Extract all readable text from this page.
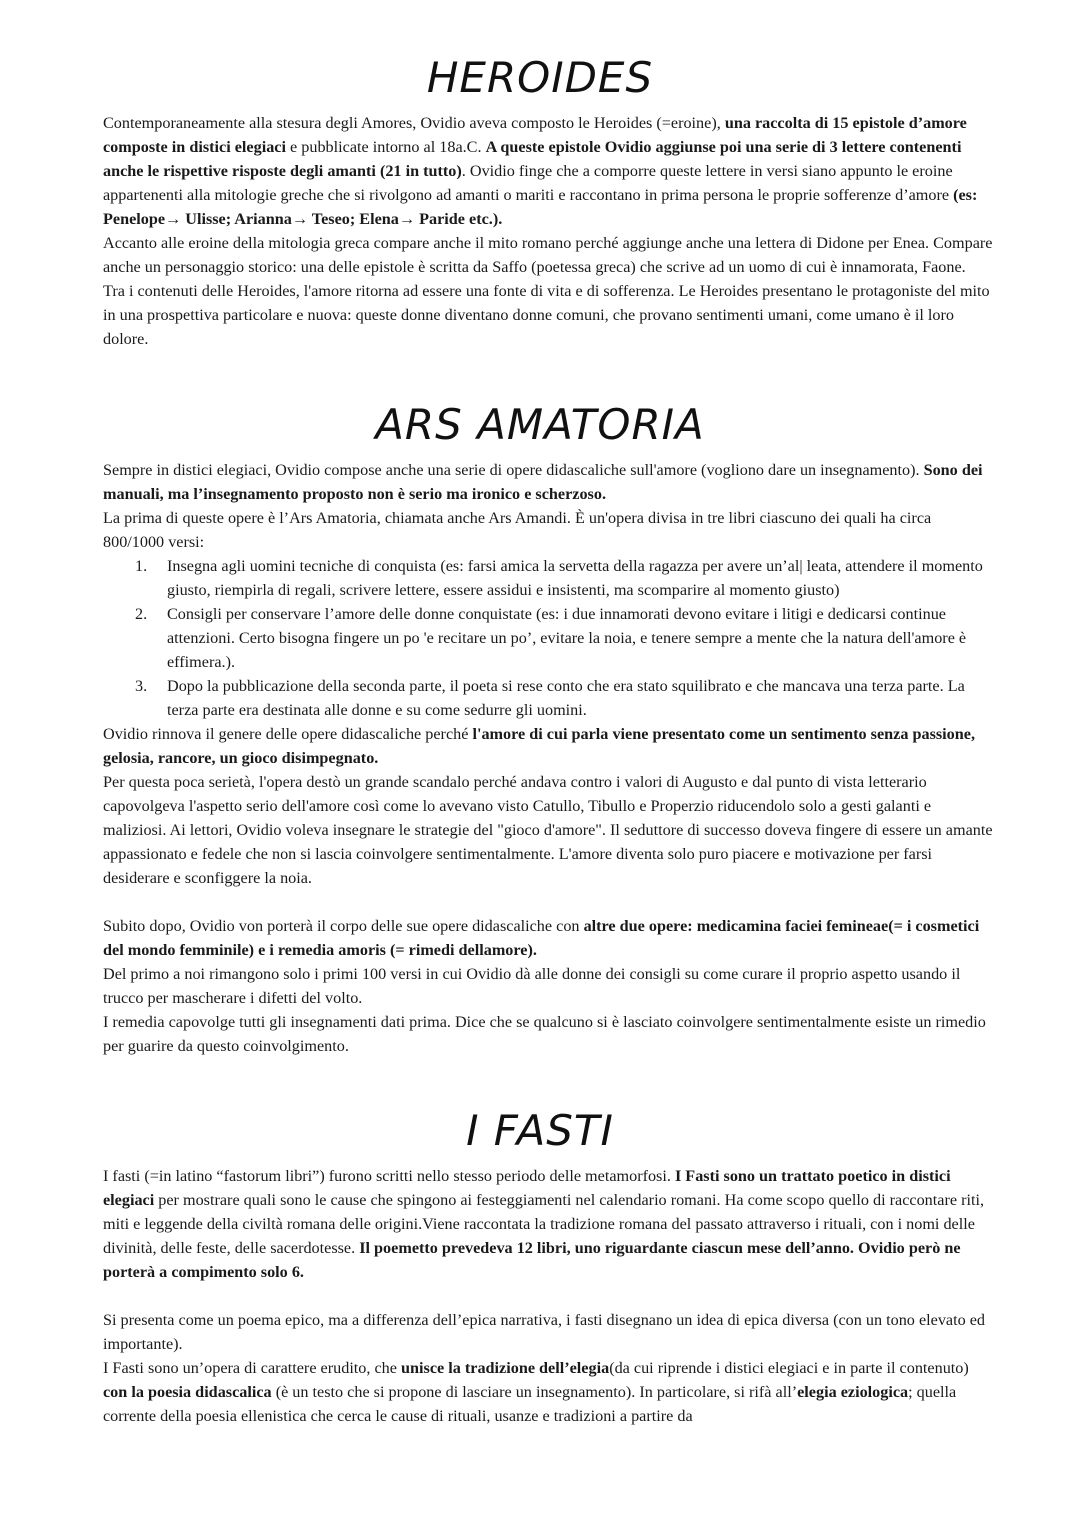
HEROIDES

Contemporaneamente alla stesura degli Amores, Ovidio aveva composto le Heroides (=eroine), una raccolta di 15 epistole d’amore composte in distici elegiaci e pubblicate intorno al 18a.C. A queste epistole Ovidio aggiunse poi una serie di 3 lettere contenenti anche le rispettive risposte degli amanti (21 in tutto). Ovidio finge che a comporre queste lettere in versi siano appunto le eroine appartenenti alla mitologie greche che si rivolgono ad amanti o mariti e raccontano in prima persona le proprie sofferenze d’amore (es: Penelope→ Ulisse; Arianna→ Teseo; Elena→ Paride etc.).

Accanto alle eroine della mitologia greca compare anche il mito romano perché aggiunge anche una lettera di Didone per Enea. Compare anche un personaggio storico: una delle epistole è scritta da Saffo (poetessa greca) che scrive ad un uomo di cui è innamorata, Faone.

Tra i contenuti delle Heroides, l'amore ritorna ad essere una fonte di vita e di sofferenza. Le Heroides presentano le protagoniste del mito in una prospettiva particolare e nuova: queste donne diventano donne comuni, che provano sentimenti umani, come umano è il loro dolore.

ARS AMATORIA

Sempre in distici elegiaci, Ovidio compose anche una serie di opere didascaliche sull'amore (vogliono dare un insegnamento). Sono dei manuali, ma l’insegnamento proposto non è serio ma ironico e scherzoso.

La prima di queste opere è l’Ars Amatoria, chiamata anche Ars Amandi. È un'opera divisa in tre libri ciascuno dei quali ha circa 800/1000 versi:

1. Insegna agli uomini tecniche di conquista (es: farsi amica la servetta della ragazza per avere un’al| leata, attendere il momento giusto, riempirla di regali, scrivere lettere, essere assidui e insistenti, ma scomparire al momento giusto)
2. Consigli per conservare l’amore delle donne conquistate (es: i due innamorati devono evitare i litigi e dedicarsi continue attenzioni. Certo bisogna fingere un po 'e recitare un po’, evitare la noia, e tenere sempre a mente che la natura dell'amore è effimera.).
3. Dopo la pubblicazione della seconda parte, il poeta si rese conto che era stato squilibrato e che mancava una terza parte. La terza parte era destinata alle donne e su come sedurre gli uomini.

Ovidio rinnova il genere delle opere didascaliche perché l'amore di cui parla viene presentato come un sentimento senza passione, gelosia, rancore, un gioco disimpegnato.

Per questa poca serietà, l'opera destò un grande scandalo perché andava contro i valori di Augusto e dal punto di vista letterario capovolgeva l'aspetto serio dell'amore così come lo avevano visto Catullo, Tibullo e Properzio riducendolo solo a gesti galanti e maliziosi. Ai lettori, Ovidio voleva insegnare le strategie del "gioco d'amore". Il seduttore di successo doveva fingere di essere un amante appassionato e fedele che non si lascia coinvolgere sentimentalmente. L'amore diventa solo puro piacere e motivazione per farsi desiderare e sconfiggere la noia.

Subito dopo, Ovidio von porterà il corpo delle sue opere didascaliche con altre due opere: medicamina faciei femineae(= i cosmetici del mondo femminile) e i remedia amoris (= rimedi dellamore).

Del primo a noi rimangono solo i primi 100 versi in cui Ovidio dà alle donne dei consigli su come curare il proprio aspetto usando il trucco per mascherare i difetti del volto.

I remedia capovolge tutti gli insegnamenti dati prima. Dice che se qualcuno si è lasciato coinvolgere sentimentalmente esiste un rimedio per guarire da questo coinvolgimento.

I FASTI

I fasti (=in latino “fastorum libri”) furono scritti nello stesso periodo delle metamorfosi. I Fasti sono un trattato poetico in distici elegiaci per mostrare quali sono le cause che spingono ai festeggiamenti nel calendario romani. Ha come scopo quello di raccontare riti, miti e leggende della civiltà romana delle origini.Viene raccontata la tradizione romana del passato attraverso i rituali, con i nomi delle divinità, delle feste, delle sacerdotesse. Il poemetto prevedeva 12 libri, uno riguardante ciascun mese dell’anno. Ovidio però ne porterà a compimento solo 6.

Si presenta come un poema epico, ma a differenza dell’epica narrativa, i fasti disegnano un idea di epica diversa (con un tono elevato ed importante).

I Fasti sono un’opera di carattere erudito, che unisce la tradizione dell’elegia(da cui riprende i distici elegiaci e in parte il contenuto) con la poesia didascalica (è un testo che si propone di lasciare un insegnamento). In particolare, si rifà all’elegia eziologica; quella corrente della poesia ellenistica che cerca le cause di rituali, usanze e tradizioni a partire da
